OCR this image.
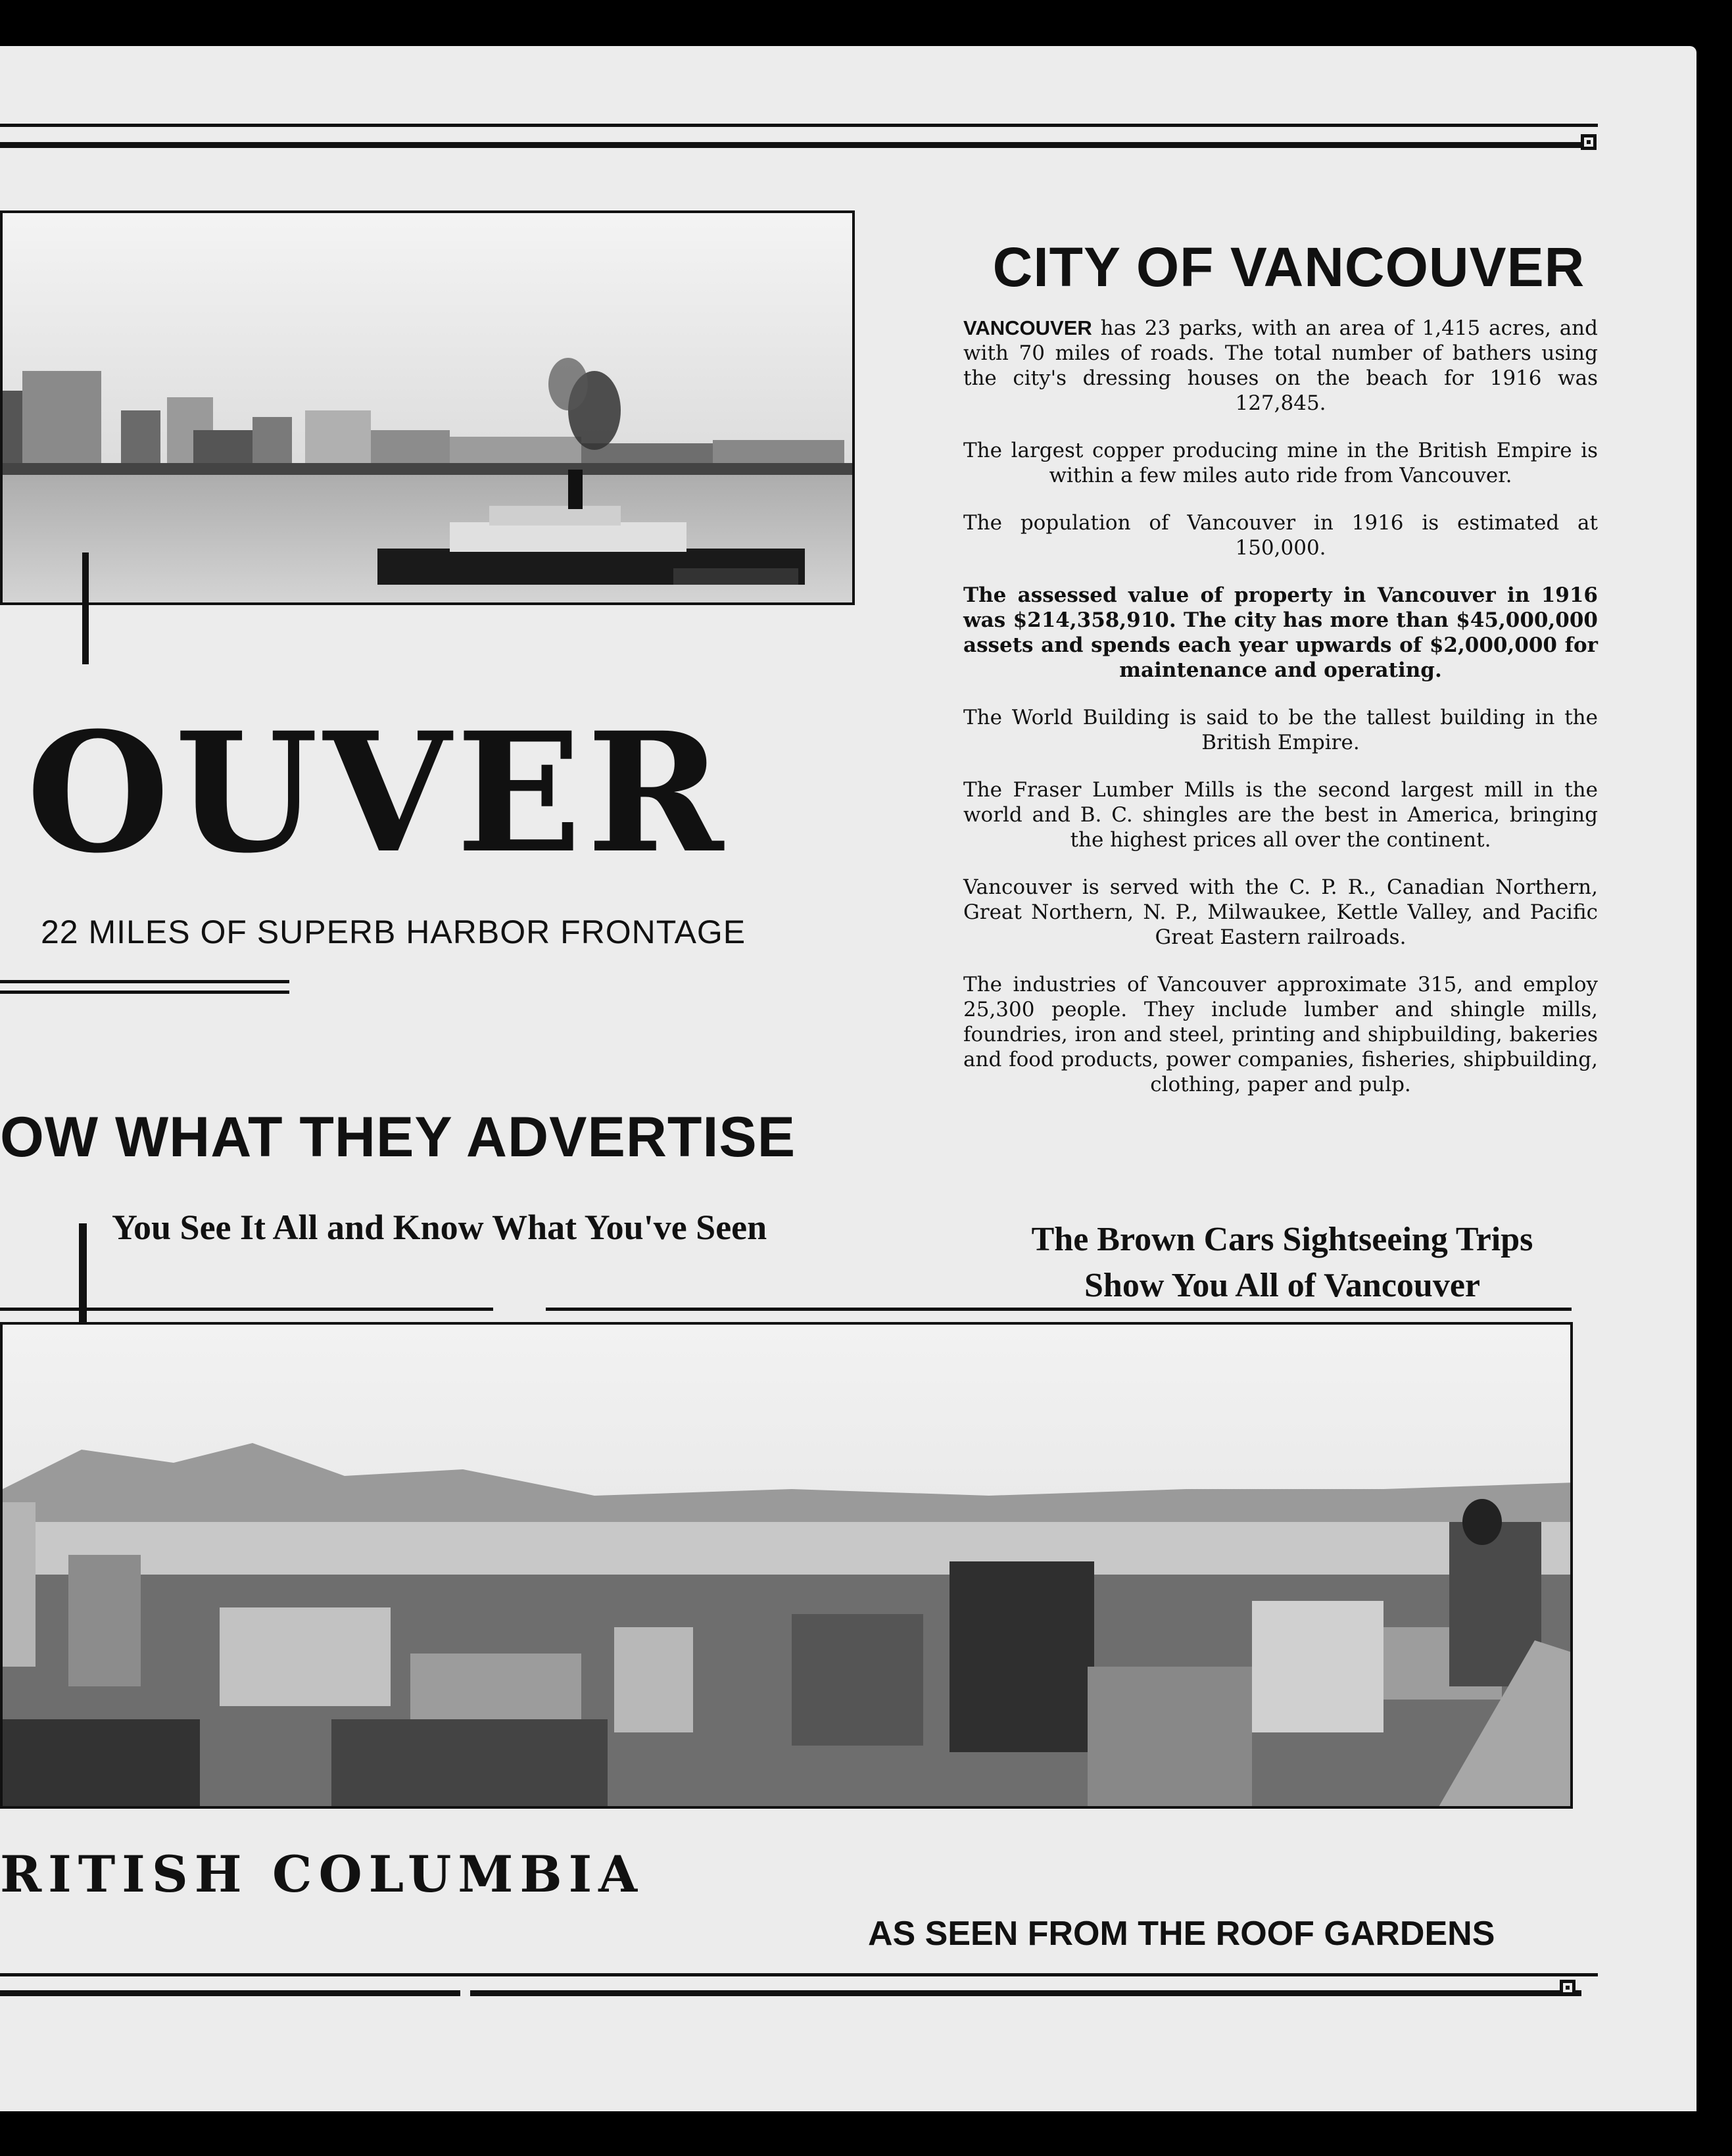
CITY OF VANCOUVER

VANCOUVER has 23 parks, with an area of 1,415 acres, and with 70 miles of roads. The total number of bathers using the city's dressing houses on the beach for 1916 was 127,845.

The largest copper producing mine in the British Empire is within a few miles auto ride from Vancouver.

The population of Vancouver in 1916 is estimated at 150,000.

The assessed value of property in Vancouver in 1916 was $214,358,910. The city has more than $45,000,000 assets and spends each year upwards of $2,000,000 for maintenance and operating.

The World Building is said to be the tallest building in the British Empire.

The Fraser Lumber Mills is the second largest mill in the world and B. C. shingles are the best in America, bringing the highest prices all over the continent.

Vancouver is served with the C. P. R., Canadian Northern, Great Northern, N. P., Milwaukee, Kettle Valley, and Pacific Great Eastern railroads.

The industries of Vancouver approximate 315, and employ 25,300 people. They include lumber and shingle mills, foundries, iron and steel, printing and shipbuilding, bakeries and food products, power companies, fisheries, shipbuilding, clothing, paper and pulp.

The Brown Cars Sightseeing Trips
Show You All of Vancouver
OUVER
22 MILES OF SUPERB HARBOR FRONTAGE
OW WHAT THEY ADVERTISE
You See It All and Know What You've Seen
RITISH COLUMBIA
AS SEEN FROM THE ROOF GARDENS
